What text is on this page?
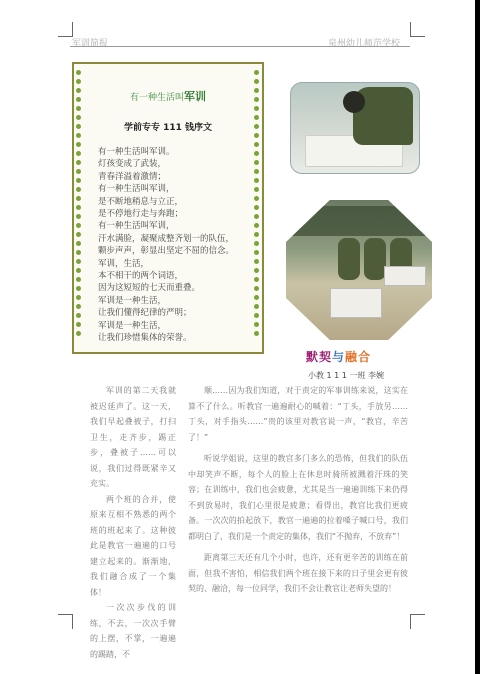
军训简报	泉州幼儿师范学校
有一种生活叫军训
学前专专 111 钱序文
有一种生活叫军训。
灯孩变成了武装，
青春洋溢着激情；
有一种生活叫军训，
是不断地稍息与立正，
是不停地行走与奔跑；
有一种生活叫军训，
汗水满脸，凝聚成整齐划一的队伍，
颗步声声，彰显出坚定不屈的信念。
军训，生活，
本不相干的两个词语，
因为这短短的七天而重叠。
军训是一种生活，
让我们懂得纪律的严明；
军训是一种生活，
让我们珍惜集体的荣誉。
默契与融合
小教 1 1 1 一班 李婉

军训的第二天我就被迟延声了。这一天，我们早起叠被子，打扫卫生，走齐步，踢正步，叠被子……可以说，我们过得既紧辛又充实。

两个班的合并，使原来互相不熟悉的两个班的班起来了。这种彼此是教官一遍遍的口号建立起来的。渐渐地，我们融合成了一个集体！

一次次步伐的训练，不去，一次次手臂的上摆，不掌，一遍遍的踢踏，不

顺……因为我们知道，对于责定的军事训练来说，这实在算不了什么。听教官一遍遍耐心的喊着：“丁头，手放另……丁头，对手指头……”贵的该里对教官说一声，“教官，辛苦了！”

听说学姐说，这里的教官多门多么的恐怖，但我们的队伍中却笑声不断，每个人的脸上在休息时骑所被溅着汗珠的笑容；在训练中，我们也会疲惫，尤其是当一遍遍训练下来仍得不到放易时，我们心里很是疲惫；看得出，教官比我们更疲备。一次次的拍起放下，教官一遍遍的拉着嗓子喊口号，我们都明白了，我们是一个责定的集体，我们“不抛弃，不放弃”！

距离第三天还有几个小时，也许，还有更辛苦的训练在前面，但我不害怕，相信我们两个班在接下来的日子里会更有彼契的、融洽，每一位同学，我们不会让教官让老师失望的！
